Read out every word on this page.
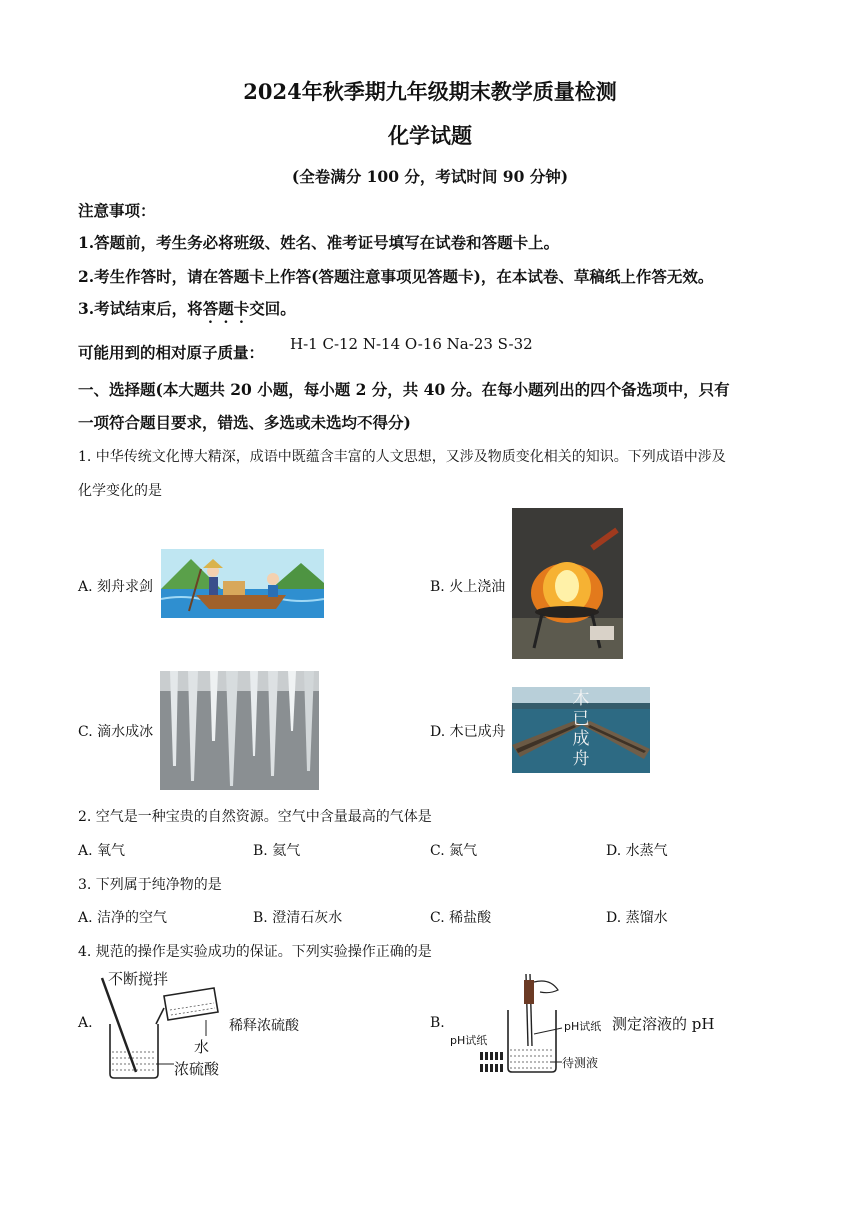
2024年秋季期九年级期末教学质量检测
化学试题
(全卷满分 100 分，考试时间 90 分钟)
注意事项：
1.答题前，考生务必将班级、姓名、准考证号填写在试卷和答题卡上。
2.考生作答时，请在答题卡上作答(答题注意事项见答题卡)，在本试卷、草稿纸上作答无效。
3.考试结束后，将答题卡交回。
可能用到的相对原子质量： H-1 C-12 N-14 O-16 Na-23 S-32
一、选择题(本大题共 20 小题，每小题 2 分，共 40 分。在每小题列出的四个备选项中，只有
一项符合题目要求，错选、多选或未选均不得分)
1. 中华传统文化博大精深，成语中既蕴含丰富的人文思想，又涉及物质变化相关的知识。下列成语中涉及
化学变化的是
A. 刻舟求剑	B. 火上浇油
C. 滴水成冰	D. 木已成舟
木已成舟
2. 空气是一种宝贵的自然资源。空气中含量最高的气体是
A. 氧气	B. 氦气	C. 氮气	D. 水蒸气
3. 下列属于纯净物的是
A. 洁净的空气	B. 澄清石灰水	C. 稀盐酸	D. 蒸馏水
4. 规范的操作是实验成功的保证。下列实验操作正确的是
A.
不断搅拌
水
浓硫酸
稀释浓硫酸	B.
pH试纸
pH试纸
待测液
测定溶液的 pH
